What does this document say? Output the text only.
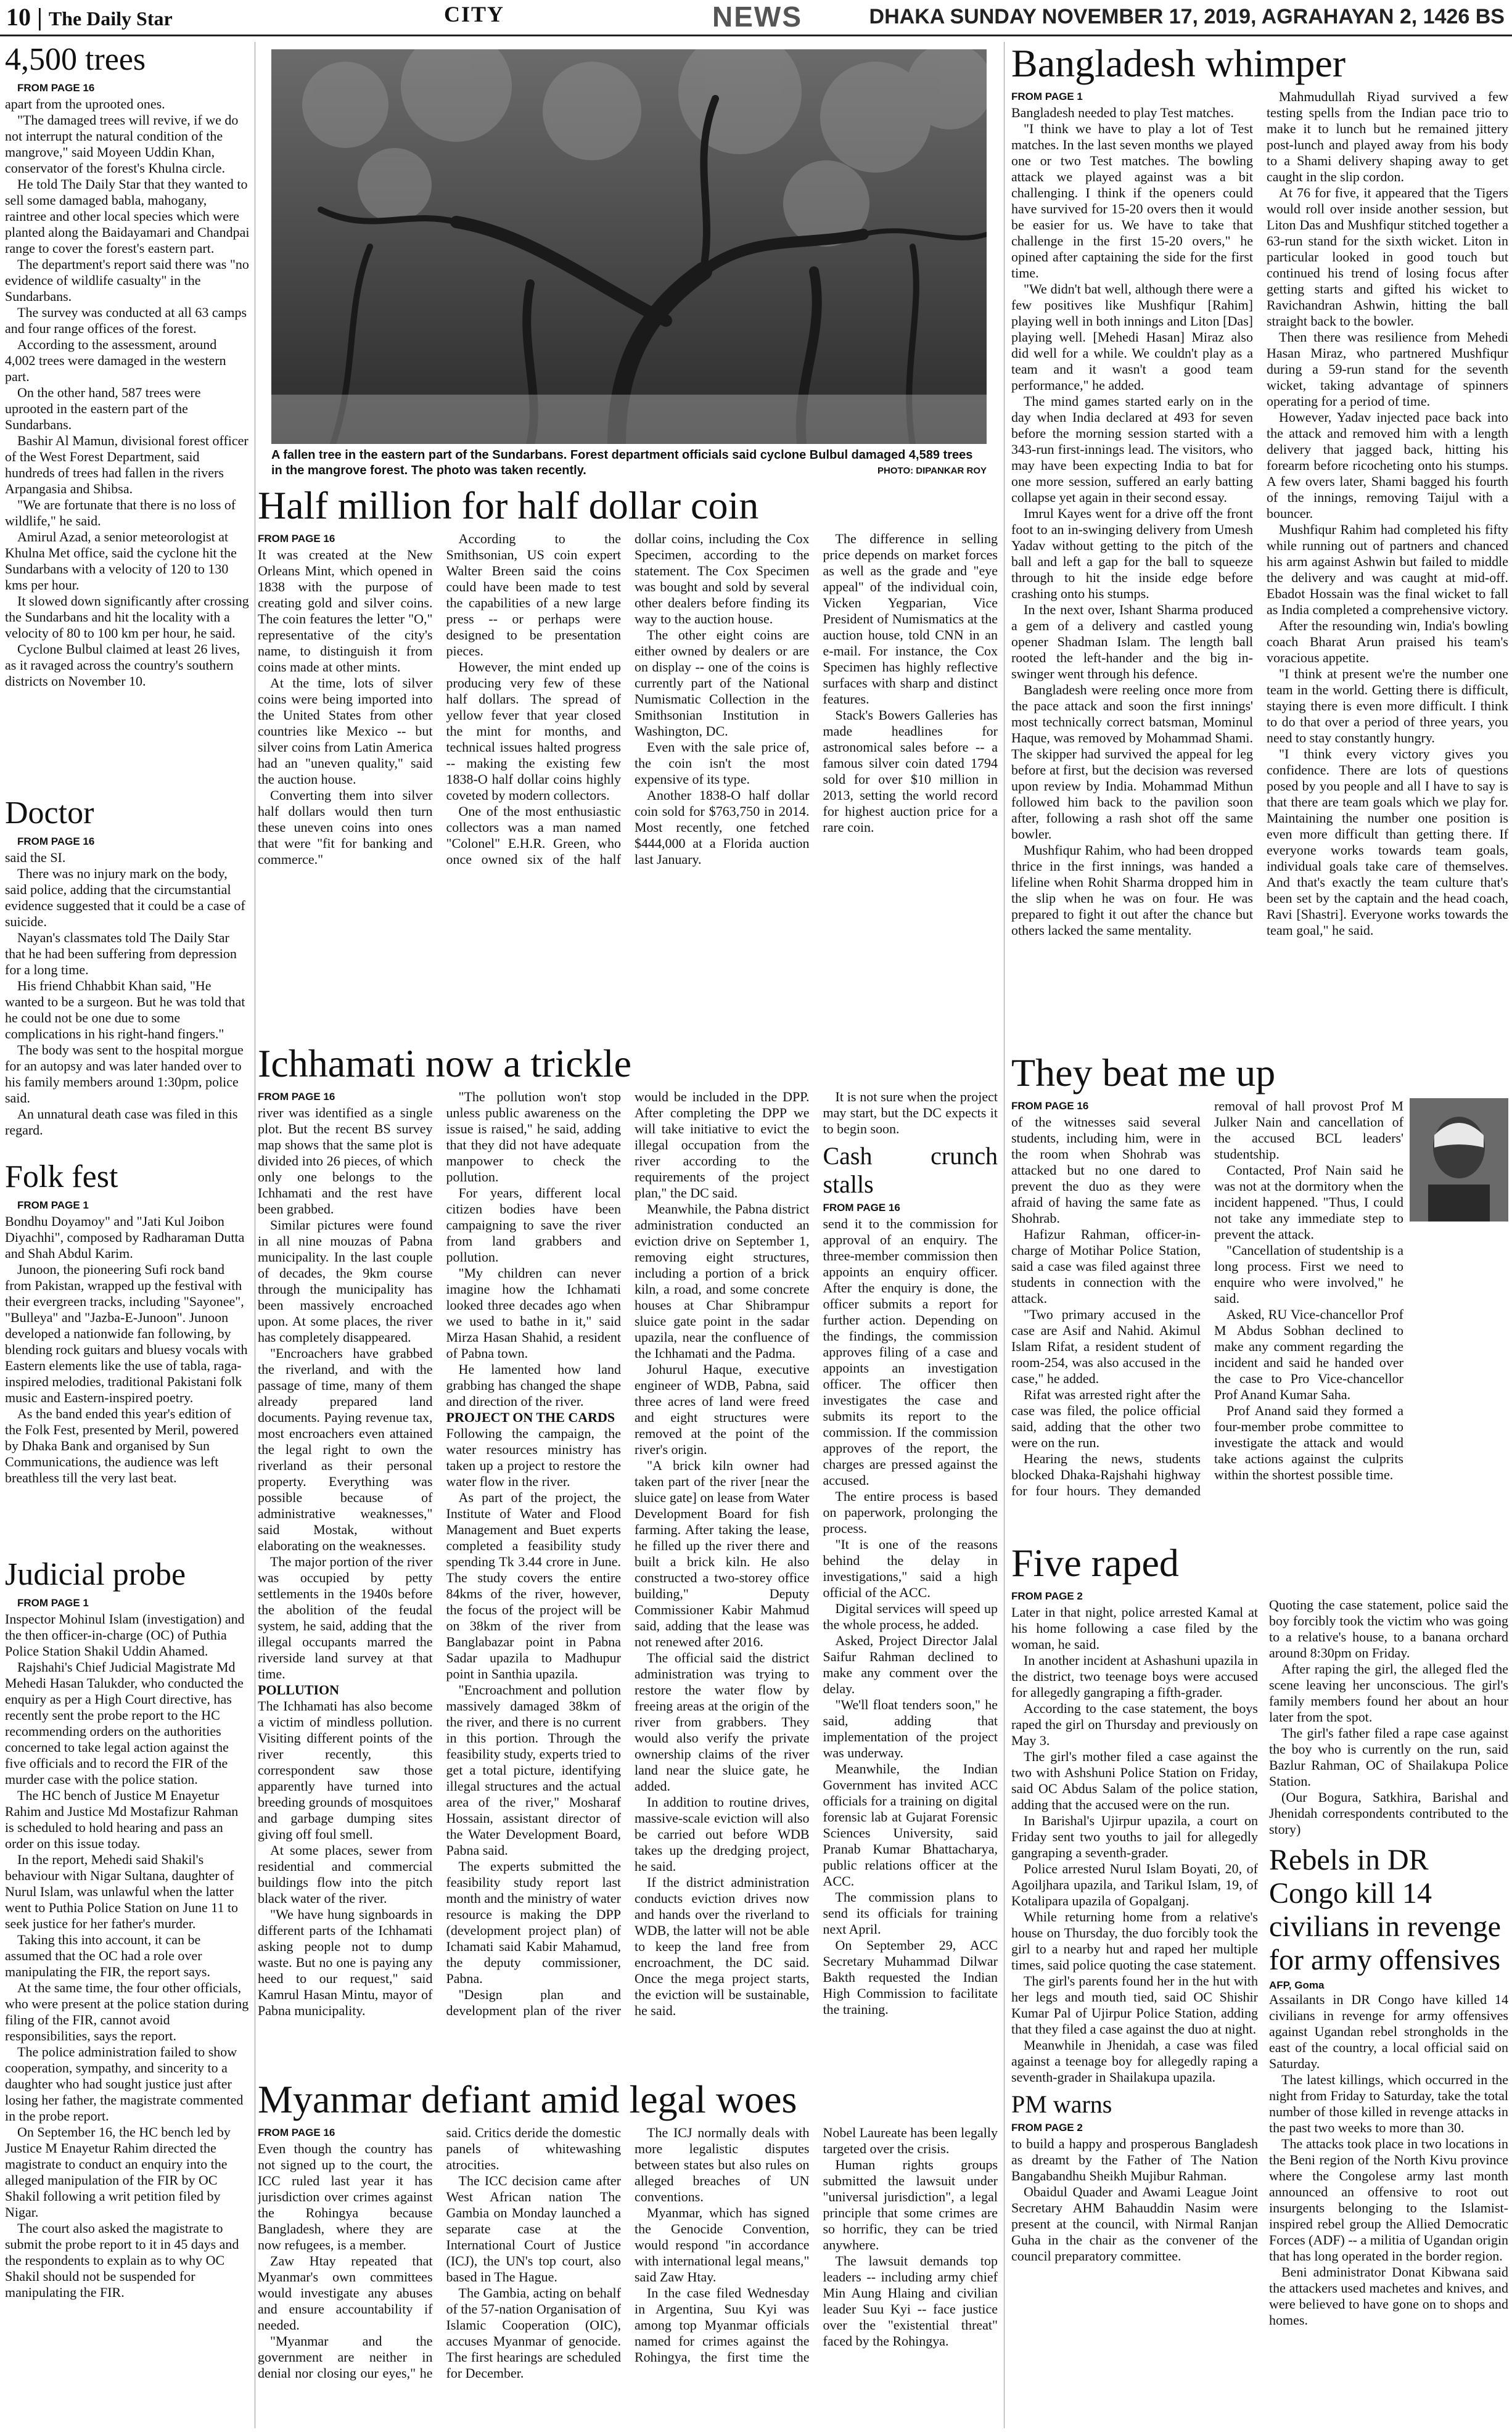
10 | The Daily Star	CITY	NEWS	DHAKA SUNDAY NOVEMBER 17, 2019, AGRAHAYAN 2, 1426 BS
4,500 trees

FROM PAGE 16

apart from the uprooted ones.

"The damaged trees will revive, if we do not interrupt the natural condition of the mangrove," said Moyeen Uddin Khan, conservator of the forest's Khulna circle.

He told The Daily Star that they wanted to sell some damaged babla, mahogany, raintree and other local species which were planted along the Baidayamari and Chandpai range to cover the forest's eastern part.

The department's report said there was "no evidence of wildlife casualty" in the Sundarbans.

The survey was conducted at all 63 camps and four range offices of the forest.

According to the assessment, around 4,002 trees were damaged in the western part.

On the other hand, 587 trees were uprooted in the eastern part of the Sundarbans.

Bashir Al Mamun, divisional forest officer of the West Forest Department, said hundreds of trees had fallen in the rivers Arpangasia and Shibsa.

"We are fortunate that there is no loss of wildlife," he said.

Amirul Azad, a senior meteorologist at Khulna Met office, said the cyclone hit the Sundarbans with a velocity of 120 to 130 kms per hour.

It slowed down significantly after crossing the Sundarbans and hit the locality with a velocity of 80 to 100 km per hour, he said.

Cyclone Bulbul claimed at least 26 lives, as it ravaged across the country's southern districts on November 10.

Doctor

FROM PAGE 16

said the SI.

There was no injury mark on the body, said police, adding that the circumstantial evidence suggested that it could be a case of suicide.

Nayan's classmates told The Daily Star that he had been suffering from depression for a long time.

His friend Chhabbit Khan said, "He wanted to be a surgeon. But he was told that he could not be one due to some complications in his right-hand fingers."

The body was sent to the hospital morgue for an autopsy and was later handed over to his family members around 1:30pm, police said.

An unnatural death case was filed in this regard.

Folk fest

FROM PAGE 1

Bondhu Doyamoy" and "Jati Kul Joibon Diyachhi", composed by Radharaman Dutta and Shah Abdul Karim.

Junoon, the pioneering Sufi rock band from Pakistan, wrapped up the festival with their evergreen tracks, including "Sayonee", "Bulleya" and "Jazba-E-Junoon". Junoon developed a nationwide fan following, by blending rock guitars and bluesy vocals with Eastern elements like the use of tabla, raga-inspired melodies, traditional Pakistani folk music and Eastern-inspired poetry.

As the band ended this year's edition of the Folk Fest, presented by Meril, powered by Dhaka Bank and organised by Sun Communications, the audience was left breathless till the very last beat.

Judicial probe

FROM PAGE 1

Inspector Mohinul Islam (investigation) and the then officer-in-charge (OC) of Puthia Police Station Shakil Uddin Ahamed.

Rajshahi's Chief Judicial Magistrate Md Mehedi Hasan Talukder, who conducted the enquiry as per a High Court directive, has recently sent the probe report to the HC recommending orders on the authorities concerned to take legal action against the five officials and to record the FIR of the murder case with the police station.

The HC bench of Justice M Enayetur Rahim and Justice Md Mostafizur Rahman is scheduled to hold hearing and pass an order on this issue today.

In the report, Mehedi said Shakil's behaviour with Nigar Sultana, daughter of Nurul Islam, was unlawful when the latter went to Puthia Police Station on June 11 to seek justice for her father's murder.

Taking this into account, it can be assumed that the OC had a role over manipulating the FIR, the report says.

At the same time, the four other officials, who were present at the police station during filing of the FIR, cannot avoid responsibilities, says the report.

The police administration failed to show cooperation, sympathy, and sincerity to a daughter who had sought justice just after losing her father, the magistrate commented in the probe report.

On September 16, the HC bench led by Justice M Enayetur Rahim directed the magistrate to conduct an enquiry into the alleged manipulation of the FIR by OC Shakil following a writ petition filed by Nigar.

The court also asked the magistrate to submit the probe report to it in 45 days and the respondents to explain as to why OC Shakil should not be suspended for manipulating the FIR.

A fallen tree in the eastern part of the Sundarbans. Forest department officials said cyclone Bulbul damaged 4,589 trees in the mangrove forest. The photo was taken recently.	PHOTO: DIPANKAR ROY
Half million for half dollar coin

FROM PAGE 16

It was created at the New Orleans Mint, which opened in 1838 with the purpose of creating gold and silver coins. The coin features the letter "O," representative of the city's name, to distinguish it from coins made at other mints.

At the time, lots of silver coins were being imported into the United States from other countries like Mexico -- but silver coins from Latin America had an "uneven quality," said the auction house.

Converting them into silver half dollars would then turn these uneven coins into ones that were "fit for banking and commerce."

According to the Smithsonian, US coin expert Walter Breen said the coins could have been made to test the capabilities of a new large press -- or perhaps were designed to be presentation pieces.

However, the mint ended up producing very few of these half dollars. The spread of yellow fever that year closed the mint for months, and technical issues halted progress -- making the existing few 1838-O half dollar coins highly coveted by modern collectors.

One of the most enthusiastic collectors was a man named "Colonel" E.H.R. Green, who once owned six of the half dollar coins, including the Cox Specimen, according to the statement. The Cox Specimen was bought and sold by several other dealers before finding its way to the auction house.

The other eight coins are either owned by dealers or are on display -- one of the coins is currently part of the National Numismatic Collection in the Smithsonian Institution in Washington, DC.

Even with the sale price of, the coin isn't the most expensive of its type.

Another 1838-O half dollar coin sold for $763,750 in 2014. Most recently, one fetched $444,000 at a Florida auction last January.

The difference in selling price depends on market forces as well as the grade and "eye appeal" of the individual coin, Vicken Yegparian, Vice President of Numismatics at the auction house, told CNN in an e-mail. For instance, the Cox Specimen has highly reflective surfaces with sharp and distinct features.

Stack's Bowers Galleries has made headlines for astronomical sales before -- a famous silver coin dated 1794 sold for over $10 million in 2013, setting the world record for highest auction price for a rare coin.

Ichhamati now a trickle

FROM PAGE 16

river was identified as a single plot. But the recent BS survey map shows that the same plot is divided into 26 pieces, of which only one belongs to the Ichhamati and the rest have been grabbed.

Similar pictures were found in all nine mouzas of Pabna municipality. In the last couple of decades, the 9km course through the municipality has been massively encroached upon. At some places, the river has completely disappeared.

"Encroachers have grabbed the riverland, and with the passage of time, many of them already prepared land documents. Paying revenue tax, most encroachers even attained the legal right to own the riverland as their personal property. Everything was possible because of administrative weaknesses," said Mostak, without elaborating on the weaknesses.

The major portion of the river was occupied by petty settlements in the 1940s before the abolition of the feudal system, he said, adding that the illegal occupants marred the riverside land survey at that time.

POLLUTION

The Ichhamati has also become a victim of mindless pollution. Visiting different points of the river recently, this correspondent saw those apparently have turned into breeding grounds of mosquitoes and garbage dumping sites giving off foul smell.

At some places, sewer from residential and commercial buildings flow into the pitch black water of the river.

"We have hung signboards in different parts of the Ichhamati asking people not to dump waste. But no one is paying any heed to our request," said Kamrul Hasan Mintu, mayor of Pabna municipality.

"The pollution won't stop unless public awareness on the issue is raised," he said, adding that they did not have adequate manpower to check the pollution.

For years, different local citizen bodies have been campaigning to save the river from land grabbers and pollution.

"My children can never imagine how the Ichhamati looked three decades ago when we used to bathe in it," said Mirza Hasan Shahid, a resident of Pabna town.

He lamented how land grabbing has changed the shape and direction of the river.

PROJECT ON THE CARDS

Following the campaign, the water resources ministry has taken up a project to restore the water flow in the river.

As part of the project, the Institute of Water and Flood Management and Buet experts completed a feasibility study spending Tk 3.44 crore in June. The study covers the entire 84kms of the river, however, the focus of the project will be on 38km of the river from Banglabazar point in Pabna Sadar upazila to Madhupur point in Santhia upazila.

"Encroachment and pollution massively damaged 38km of the river, and there is no current in this portion. Through the feasibility study, experts tried to get a total picture, identifying illegal structures and the actual area of the river," Mosharaf Hossain, assistant director of the Water Development Board, Pabna said.

The experts submitted the feasibility study report last month and the ministry of water resource is making the DPP (development project plan) of Ichamati said Kabir Mahamud, the deputy commissioner, Pabna.

"Design plan and development plan of the river would be included in the DPP. After completing the DPP we will take initiative to evict the illegal occupation from the river according to the requirements of the project plan," the DC said.

Meanwhile, the Pabna district administration conducted an eviction drive on September 1, removing eight structures, including a portion of a brick kiln, a road, and some concrete houses at Char Shibrampur sluice gate point in the sadar upazila, near the confluence of the Ichhamati and the Padma.

Johurul Haque, executive engineer of WDB, Pabna, said three acres of land were freed and eight structures were removed at the point of the river's origin.

"A brick kiln owner had taken part of the river [near the sluice gate] on lease from Water Development Board for fish farming. After taking the lease, he filled up the river there and built a brick kiln. He also constructed a two-storey office building," Deputy Commissioner Kabir Mahmud said, adding that the lease was not renewed after 2016.

The official said the district administration was trying to restore the water flow by freeing areas at the origin of the river from grabbers. They would also verify the private ownership claims of the river land near the sluice gate, he added.

In addition to routine drives, massive-scale eviction will also be carried out before WDB takes up the dredging project, he said.

If the district administration conducts eviction drives now and hands over the riverland to WDB, the latter will not be able to keep the land free from encroachment, the DC said. Once the mega project starts, the eviction will be sustainable, he said.

It is not sure when the project may start, but the DC expects it to begin soon.

Cash crunch stalls

FROM PAGE 16

send it to the commission for approval of an enquiry. The three-member commission then appoints an enquiry officer. After the enquiry is done, the officer submits a report for further action. Depending on the findings, the commission approves filing of a case and appoints an investigation officer. The officer then investigates the case and submits its report to the commission. If the commission approves of the report, the charges are pressed against the accused.

The entire process is based on paperwork, prolonging the process.

"It is one of the reasons behind the delay in investigations," said a high official of the ACC.

Digital services will speed up the whole process, he added.

Asked, Project Director Jalal Saifur Rahman declined to make any comment over the delay.

"We'll float tenders soon," he said, adding that implementation of the project was underway.

Meanwhile, the Indian Government has invited ACC officials for a training on digital forensic lab at Gujarat Forensic Sciences University, said Pranab Kumar Bhattacharya, public relations officer at the ACC.

The commission plans to send its officials for training next April.

On September 29, ACC Secretary Muhammad Dilwar Bakth requested the Indian High Commission to facilitate the training.

Myanmar defiant amid legal woes

FROM PAGE 16

Even though the country has not signed up to the court, the ICC ruled last year it has jurisdiction over crimes against the Rohingya because Bangladesh, where they are now refugees, is a member.

Zaw Htay repeated that Myanmar's own committees would investigate any abuses and ensure accountability if needed.

"Myanmar and the government are neither in denial nor closing our eyes," he said. Critics deride the domestic panels of whitewashing atrocities.

The ICC decision came after West African nation The Gambia on Monday launched a separate case at the International Court of Justice (ICJ), the UN's top court, also based in The Hague.

The Gambia, acting on behalf of the 57-nation Organisation of Islamic Cooperation (OIC), accuses Myanmar of genocide. The first hearings are scheduled for December.

The ICJ normally deals with more legalistic disputes between states but also rules on alleged breaches of UN conventions.

Myanmar, which has signed the Genocide Convention, would respond "in accordance with international legal means," said Zaw Htay.

In the case filed Wednesday in Argentina, Suu Kyi was among top Myanmar officials named for crimes against the Rohingya, the first time the Nobel Laureate has been legally targeted over the crisis.

Human rights groups submitted the lawsuit under "universal jurisdiction", a legal principle that some crimes are so horrific, they can be tried anywhere.

The lawsuit demands top leaders -- including army chief Min Aung Hlaing and civilian leader Suu Kyi -- face justice over the "existential threat" faced by the Rohingya.

Bangladesh whimper

FROM PAGE 1

Bangladesh needed to play Test matches.

"I think we have to play a lot of Test matches. In the last seven months we played one or two Test matches. The bowling attack we played against was a bit challenging. I think if the openers could have survived for 15-20 overs then it would be easier for us. We have to take that challenge in the first 15-20 overs," he opined after captaining the side for the first time.

"We didn't bat well, although there were a few positives like Mushfiqur [Rahim] playing well in both innings and Liton [Das] playing well. [Mehedi Hasan] Miraz also did well for a while. We couldn't play as a team and it wasn't a good team performance," he added.

The mind games started early on in the day when India declared at 493 for seven before the morning session started with a 343-run first-innings lead. The visitors, who may have been expecting India to bat for one more session, suffered an early batting collapse yet again in their second essay.

Imrul Kayes went for a drive off the front foot to an in-swinging delivery from Umesh Yadav without getting to the pitch of the ball and left a gap for the ball to squeeze through to hit the inside edge before crashing onto his stumps.

In the next over, Ishant Sharma produced a gem of a delivery and castled young opener Shadman Islam. The length ball rooted the left-hander and the big in-swinger went through his defence.

Bangladesh were reeling once more from the pace attack and soon the first innings' most technically correct batsman, Mominul Haque, was removed by Mohammad Shami. The skipper had survived the appeal for leg before at first, but the decision was reversed upon review by India. Mohammad Mithun followed him back to the pavilion soon after, following a rash shot off the same bowler.

Mushfiqur Rahim, who had been dropped thrice in the first innings, was handed a lifeline when Rohit Sharma dropped him in the slip when he was on four. He was prepared to fight it out after the chance but others lacked the same mentality.

Mahmudullah Riyad survived a few testing spells from the Indian pace trio to make it to lunch but he remained jittery post-lunch and played away from his body to a Shami delivery shaping away to get caught in the slip cordon.

At 76 for five, it appeared that the Tigers would roll over inside another session, but Liton Das and Mushfiqur stitched together a 63-run stand for the sixth wicket. Liton in particular looked in good touch but continued his trend of losing focus after getting starts and gifted his wicket to Ravichandran Ashwin, hitting the ball straight back to the bowler.

Then there was resilience from Mehedi Hasan Miraz, who partnered Mushfiqur during a 59-run stand for the seventh wicket, taking advantage of spinners operating for a period of time.

However, Yadav injected pace back into the attack and removed him with a length delivery that jagged back, hitting his forearm before ricocheting onto his stumps. A few overs later, Shami bagged his fourth of the innings, removing Taijul with a bouncer.

Mushfiqur Rahim had completed his fifty while running out of partners and chanced his arm against Ashwin but failed to middle the delivery and was caught at mid-off. Ebadot Hossain was the final wicket to fall as India completed a comprehensive victory.

After the resounding win, India's bowling coach Bharat Arun praised his team's voracious appetite.

"I think at present we're the number one team in the world. Getting there is difficult, staying there is even more difficult. I think to do that over a period of three years, you need to stay constantly hungry.

"I think every victory gives you confidence. There are lots of questions posed by you people and all I have to say is that there are team goals which we play for. Maintaining the number one position is even more difficult than getting there. If everyone works towards team goals, individual goals take care of themselves. And that's exactly the team culture that's been set by the captain and the head coach, Ravi [Shastri]. Everyone works towards the team goal," he said.

They beat me up

FROM PAGE 16

of the witnesses said several students, including him, were in the room when Shohrab was attacked but no one dared to prevent the duo as they were afraid of having the same fate as Shohrab.

Hafizur Rahman, officer-in-charge of Motihar Police Station, said a case was filed against three students in connection with the attack.

"Two primary accused in the case are Asif and Nahid. Akimul Islam Rifat, a resident student of room-254, was also accused in the case," he added.

Rifat was arrested right after the case was filed, the police official said, adding that the other two were on the run.

Hearing the news, students blocked Dhaka-Rajshahi highway for four hours. They demanded removal of hall provost Prof M Julker Nain and cancellation of the accused BCL leaders' studentship.

Contacted, Prof Nain said he was not at the dormitory when the incident happened. "Thus, I could not take any immediate step to prevent the attack.

"Cancellation of studentship is a long process. First we need to enquire who were involved," he said.

Asked, RU Vice-chancellor Prof M Abdus Sobhan declined to make any comment regarding the incident and said he handed over the case to Pro Vice-chancellor Prof Anand Kumar Saha.

Prof Anand said they formed a four-member probe committee to investigate the attack and would take actions against the culprits within the shortest possible time.

Five raped

FROM PAGE 2

Later in that night, police arrested Kamal at his home following a case filed by the woman, he said.

In another incident at Ashashuni upazila in the district, two teenage boys were accused for allegedly gangraping a fifth-grader.

According to the case statement, the boys raped the girl on Thursday and previously on May 3.

The girl's mother filed a case against the two with Ashshuni Police Station on Friday, said OC Abdus Salam of the police station, adding that the accused were on the run.

In Barishal's Ujirpur upazila, a court on Friday sent two youths to jail for allegedly gangraping a seventh-grader.

Police arrested Nurul Islam Boyati, 20, of Agoiljhara upazila, and Tarikul Islam, 19, of Kotalipara upazila of Gopalganj.

While returning home from a relative's house on Thursday, the duo forcibly took the girl to a nearby hut and raped her multiple times, said police quoting the case statement.

The girl's parents found her in the hut with her legs and mouth tied, said OC Shishir Kumar Pal of Ujirpur Police Station, adding that they filed a case against the duo at night.

Meanwhile in Jhenidah, a case was filed against a teenage boy for allegedly raping a seventh-grader in Shailakupa upazila.

PM warns

FROM PAGE 2

to build a happy and prosperous Bangladesh as dreamt by the Father of The Nation Bangabandhu Sheikh Mujibur Rahman.

Obaidul Quader and Awami League Joint Secretary AHM Bahauddin Nasim were present at the council, with Nirmal Ranjan Guha in the chair as the convener of the council preparatory committee.

Quoting the case statement, police said the boy forcibly took the victim who was going to a relative's house, to a banana orchard around 8:30pm on Friday.

After raping the girl, the alleged fled the scene leaving her unconscious. The girl's family members found her about an hour later from the spot.

The girl's father filed a rape case against the boy who is currently on the run, said Bazlur Rahman, OC of Shailakupa Police Station.

(Our Bogura, Satkhira, Barishal and Jhenidah correspondents contributed to the story)

Rebels in DR Congo kill 14 civilians in revenge for army offensives

AFP, Goma

Assailants in DR Congo have killed 14 civilians in revenge for army offensives against Ugandan rebel strongholds in the east of the country, a local official said on Saturday.

The latest killings, which occurred in the night from Friday to Saturday, take the total number of those killed in revenge attacks in the past two weeks to more than 30.

The attacks took place in two locations in the Beni region of the North Kivu province where the Congolese army last month announced an offensive to root out insurgents belonging to the Islamist-inspired rebel group the Allied Democratic Forces (ADF) -- a militia of Ugandan origin that has long operated in the border region.

Beni administrator Donat Kibwana said the attackers used machetes and knives, and were believed to have gone on to shops and homes.
